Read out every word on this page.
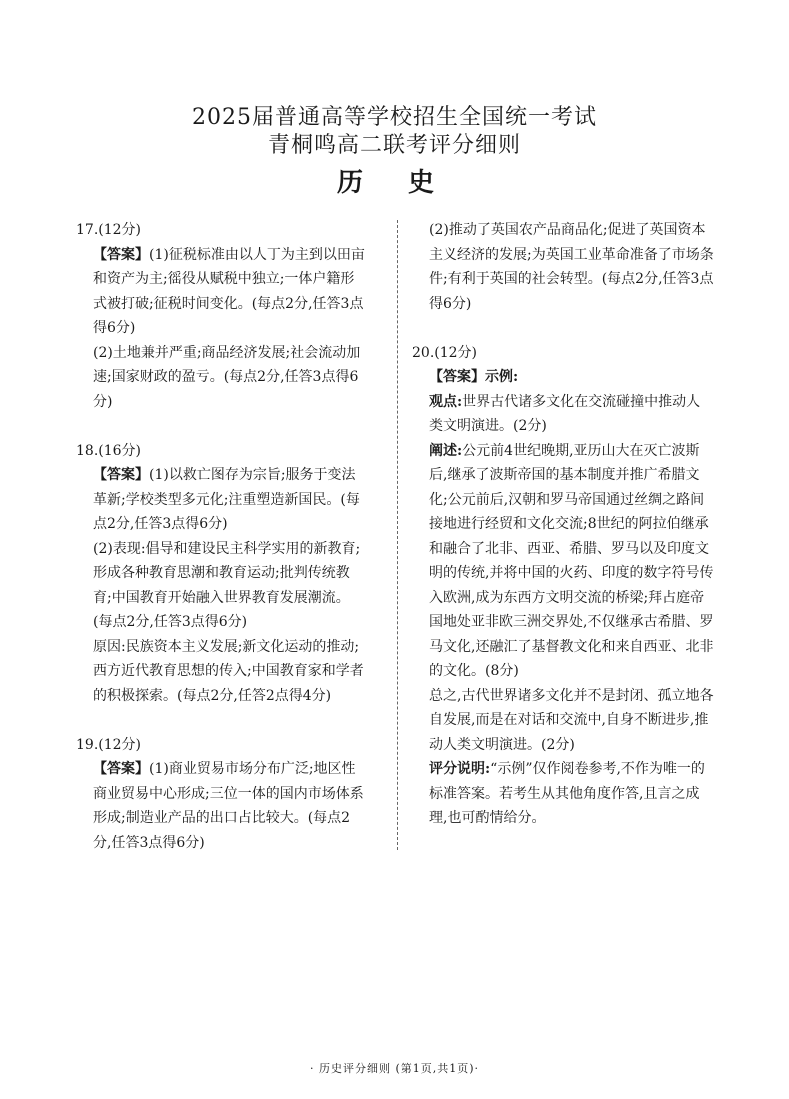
2025届普通高等学校招生全国统一考试
青桐鸣高二联考评分细则
历 史

17.(12分)

【答案】(1)征税标准由以人丁为主到以田亩和资产为主;徭役从赋税中独立;一体户籍形式被打破;征税时间变化。(每点2分,任答3点得6分)

(2)土地兼并严重;商品经济发展;社会流动加速;国家财政的盈亏。(每点2分,任答3点得6分)

18.(16分)

【答案】(1)以救亡图存为宗旨;服务于变法革新;学校类型多元化;注重塑造新国民。(每点2分,任答3点得6分)

(2)表现:倡导和建设民主科学实用的新教育;形成各种教育思潮和教育运动;批判传统教育;中国教育开始融入世界教育发展潮流。(每点2分,任答3点得6分)

原因:民族资本主义发展;新文化运动的推动;西方近代教育思想的传入;中国教育家和学者的积极探索。(每点2分,任答2点得4分)

19.(12分)

【答案】(1)商业贸易市场分布广泛;地区性商业贸易中心形成;三位一体的国内市场体系形成;制造业产品的出口占比较大。(每点2分,任答3点得6分)

(2)推动了英国农产品商品化;促进了英国资本主义经济的发展;为英国工业革命准备了市场条件;有利于英国的社会转型。(每点2分,任答3点得6分)

20.(12分)

【答案】示例:

观点:世界古代诸多文化在交流碰撞中推动人类文明演进。(2分)

阐述:公元前4世纪晚期,亚历山大在灭亡波斯后,继承了波斯帝国的基本制度并推广希腊文化;公元前后,汉朝和罗马帝国通过丝绸之路间接地进行经贸和文化交流;8世纪的阿拉伯继承和融合了北非、西亚、希腊、罗马以及印度文明的传统,并将中国的火药、印度的数字符号传入欧洲,成为东西方文明交流的桥梁;拜占庭帝国地处亚非欧三洲交界处,不仅继承古希腊、罗马文化,还融汇了基督教文化和来自西亚、北非的文化。(8分)

总之,古代世界诸多文化并不是封闭、孤立地各自发展,而是在对话和交流中,自身不断进步,推动人类文明演进。(2分)

评分说明:“示例”仅作阅卷参考,不作为唯一的标准答案。若考生从其他角度作答,且言之成理,也可酌情给分。

· 历史评分细则 (第1页,共1页)·
